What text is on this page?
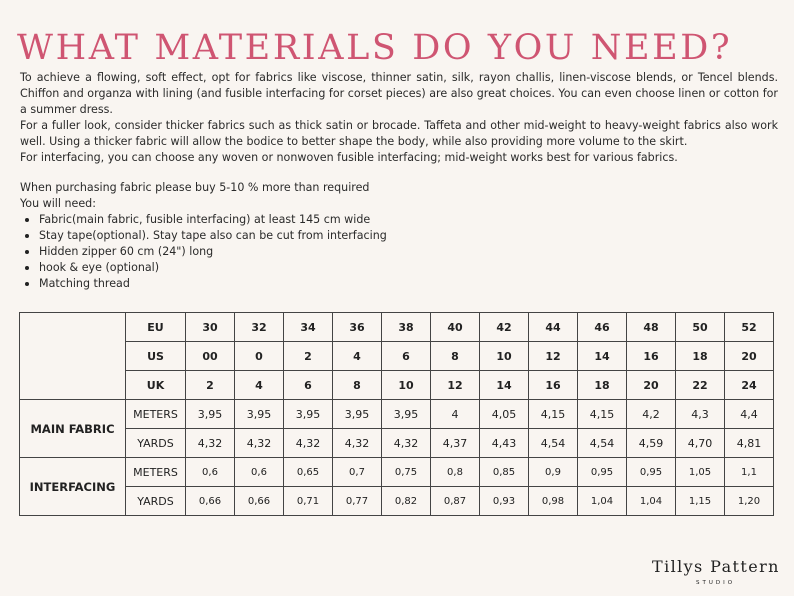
WHAT MATERIALS DO YOU NEED?

To achieve a flowing, soft effect, opt for fabrics like viscose, thinner satin, silk, rayon challis, linen-viscose blends, or Tencel blends. Chiffon and organza with lining (and fusible interfacing for corset pieces) are also great choices. You can even choose linen or cotton for a summer dress.

For a fuller look, consider thicker fabrics such as thick satin or brocade. Taffeta and other mid-weight to heavy-weight fabrics also work well. Using a thicker fabric will allow the bodice to better shape the body, while also providing more volume to the skirt.

For interfacing, you can choose any woven or nonwoven fusible interfacing; mid-weight works best for various fabrics.

When purchasing fabric please buy 5-10 % more than required

You will need:

Fabric(main fabric, fusible interfacing) at least 145 cm wide
Stay tape(optional). Stay tape also can be cut from interfacing
Hidden zipper 60 cm (24") long
hook & eye (optional)
Matching thread
	EU	30	32	34	36	38	40	42	44	46	48	50	52
	US	00	0	2	4	6	8	10	12	14	16	18	20
	UK	2	4	6	8	10	12	14	16	18	20	22	24
MAIN FABRIC	METERS	3,95	3,95	3,95	3,95	3,95	4	4,05	4,15	4,15	4,2	4,3	4,4
	YARDS	4,32	4,32	4,32	4,32	4,32	4,37	4,43	4,54	4,54	4,59	4,70	4,81
INTERFACING	METERS	0,6	0,6	0,65	0,7	0,75	0,8	0,85	0,9	0,95	0,95	1,05	1,1
	YARDS	0,66	0,66	0,71	0,77	0,82	0,87	0,93	0,98	1,04	1,04	1,15	1,20
Tillys Pattern
STUDIO
